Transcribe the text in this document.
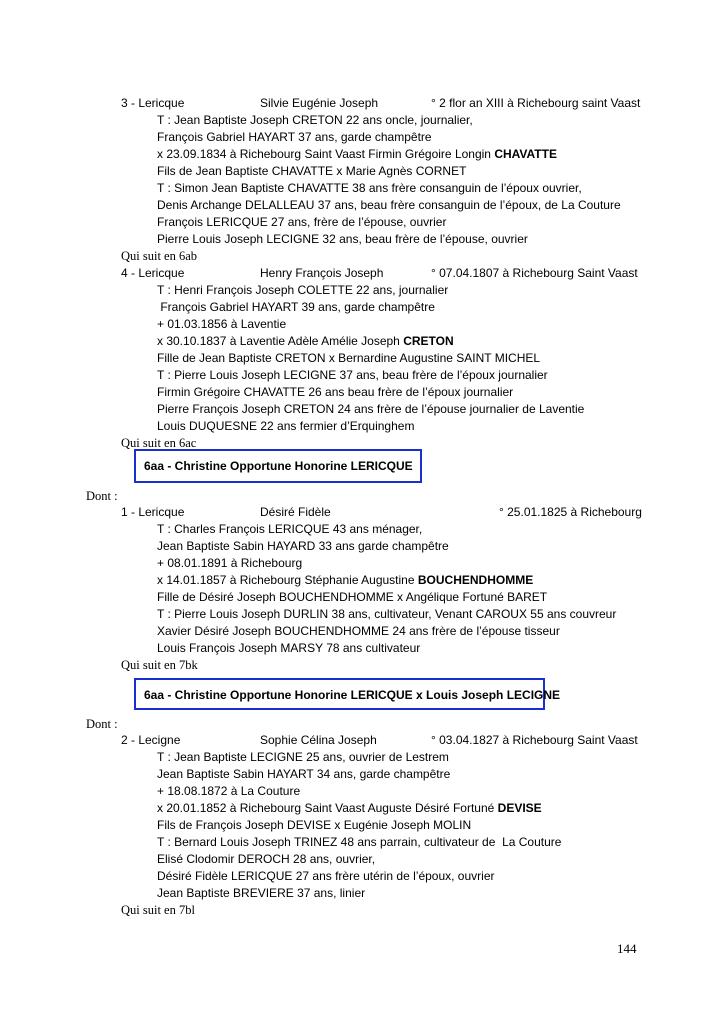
3 - Lericque	Silvie Eugénie Joseph	° 2 flor an XIII à Richebourg saint Vaast
T : Jean Baptiste Joseph CRETON 22 ans oncle, journalier,
François Gabriel HAYART 37 ans, garde champêtre
x 23.09.1834 à Richebourg Saint Vaast Firmin Grégoire Longin CHAVATTE
Fils de Jean Baptiste CHAVATTE x Marie Agnès CORNET
T : Simon Jean Baptiste CHAVATTE 38 ans frère consanguin de l’époux ouvrier,
Denis Archange DELALLEAU 37 ans, beau frère consanguin de l’époux, de La Couture
François LERICQUE 27 ans, frère de l’épouse, ouvrier
Pierre Louis Joseph LECIGNE 32 ans, beau frère de l’épouse, ouvrier
Qui suit en 6ab
4 - Lericque	Henry François Joseph	° 07.04.1807 à Richebourg Saint Vaast
T : Henri François Joseph COLETTE 22 ans, journalier
François Gabriel HAYART 39 ans, garde champêtre
+ 01.03.1856 à Laventie
x 30.10.1837 à Laventie Adèle Amélie Joseph CRETON
Fille de Jean Baptiste CRETON x Bernardine Augustine SAINT MICHEL
T : Pierre Louis Joseph LECIGNE 37 ans, beau frère de l’époux journalier
Firmin Grégoire CHAVATTE 26 ans beau frère de l’époux journalier
Pierre François Joseph CRETON 24 ans frère de l’épouse journalier de Laventie
Louis DUQUESNE 22 ans fermier d’Erquinghem
Qui suit en 6ac
6aa - Christine Opportune Honorine LERICQUE
Dont :
1 - Lericque	Désiré Fidèle	° 25.01.1825 à Richebourg
T : Charles François LERICQUE 43 ans ménager,
Jean Baptiste Sabin HAYARD 33 ans garde champêtre
+ 08.01.1891 à Richebourg
x 14.01.1857 à Richebourg Stéphanie Augustine BOUCHENDHOMME
Fille de Désiré Joseph BOUCHENDHOMME x Angélique Fortuné BARET
T : Pierre Louis Joseph DURLIN 38 ans, cultivateur, Venant CAROUX 55 ans couvreur
Xavier Désiré Joseph BOUCHENDHOMME 24 ans frère de l’épouse tisseur
Louis François Joseph MARSY 78 ans cultivateur
Qui suit en 7bk
6aa - Christine Opportune Honorine LERICQUE x Louis Joseph LECIGNE
Dont :
2 - Lecigne	Sophie Célina Joseph	° 03.04.1827 à Richebourg Saint Vaast
T : Jean Baptiste LECIGNE 25 ans, ouvrier de Lestrem
Jean Baptiste Sabin HAYART 34 ans, garde champêtre
+ 18.08.1872 à La Couture
x 20.01.1852 à Richebourg Saint Vaast Auguste Désiré Fortuné DEVISE
Fils de François Joseph DEVISE x Eugénie Joseph MOLIN
T : Bernard Louis Joseph TRINEZ 48 ans parrain, cultivateur de  La Couture
Elisé Clodomir DEROCH 28 ans, ouvrier,
Désiré Fidèle LERICQUE 27 ans frère utérin de l’époux, ouvrier
Jean Baptiste BREVIERE 37 ans, linier
Qui suit en 7bl
144
